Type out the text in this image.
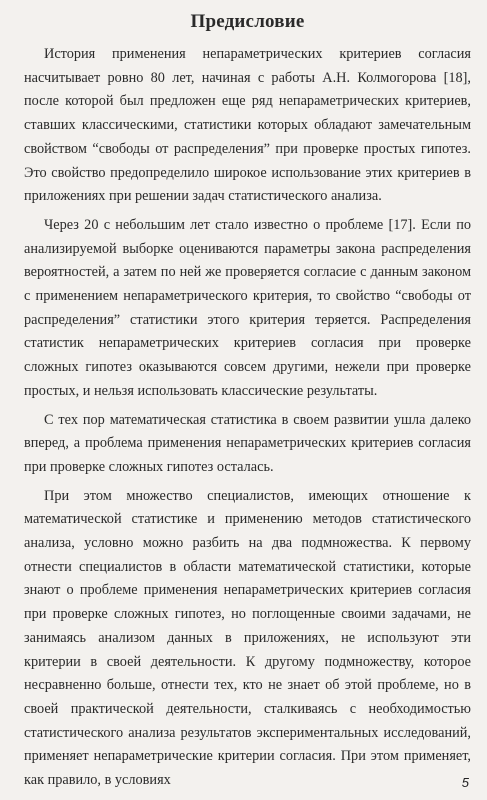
Предисловие

История применения непараметрических критериев согласия насчитывает ровно 80 лет, начиная с работы А.Н. Колмогорова [18], после которой был предложен еще ряд непараметрических критериев, ставших классическими, статистики которых обладают замечательным свойством “свободы от распределения” при проверке простых гипотез. Это свойство предопределило широкое использование этих критериев в приложениях при решении задач статистического анализа.

Через 20 с небольшим лет стало известно о проблеме [17]. Если по анализируемой выборке оцениваются параметры закона распределения вероятностей, а затем по ней же проверяется согласие с данным законом с применением непараметрического критерия, то свойство “свободы от распределения” статистики этого критерия теряется. Распределения статистик непараметрических критериев согласия при проверке сложных гипотез оказываются совсем другими, нежели при проверке простых, и нельзя использовать классические результаты.

С тех пор математическая статистика в своем развитии ушла далеко вперед, а проблема применения непараметрических критериев согласия при проверке сложных гипотез осталась.

При этом множество специалистов, имеющих отношение к математической статистике и применению методов статистического анализа, условно можно разбить на два подмножества. К первому отнести специалистов в области математической статистики, которые знают о проблеме применения непараметрических критериев согласия при проверке сложных гипотез, но поглощенные своими задачами, не занимаясь анализом данных в приложениях, не используют эти критерии в своей деятельности. К другому подмножеству, которое несравненно больше, отнести тех, кто не знает об этой проблеме, но в своей практической деятельности, сталкиваясь с необходимостью статистического анализа результатов экспериментальных исследований, применяет непараметрические критерии согласия. При этом применяет, как правило, в условиях	5
